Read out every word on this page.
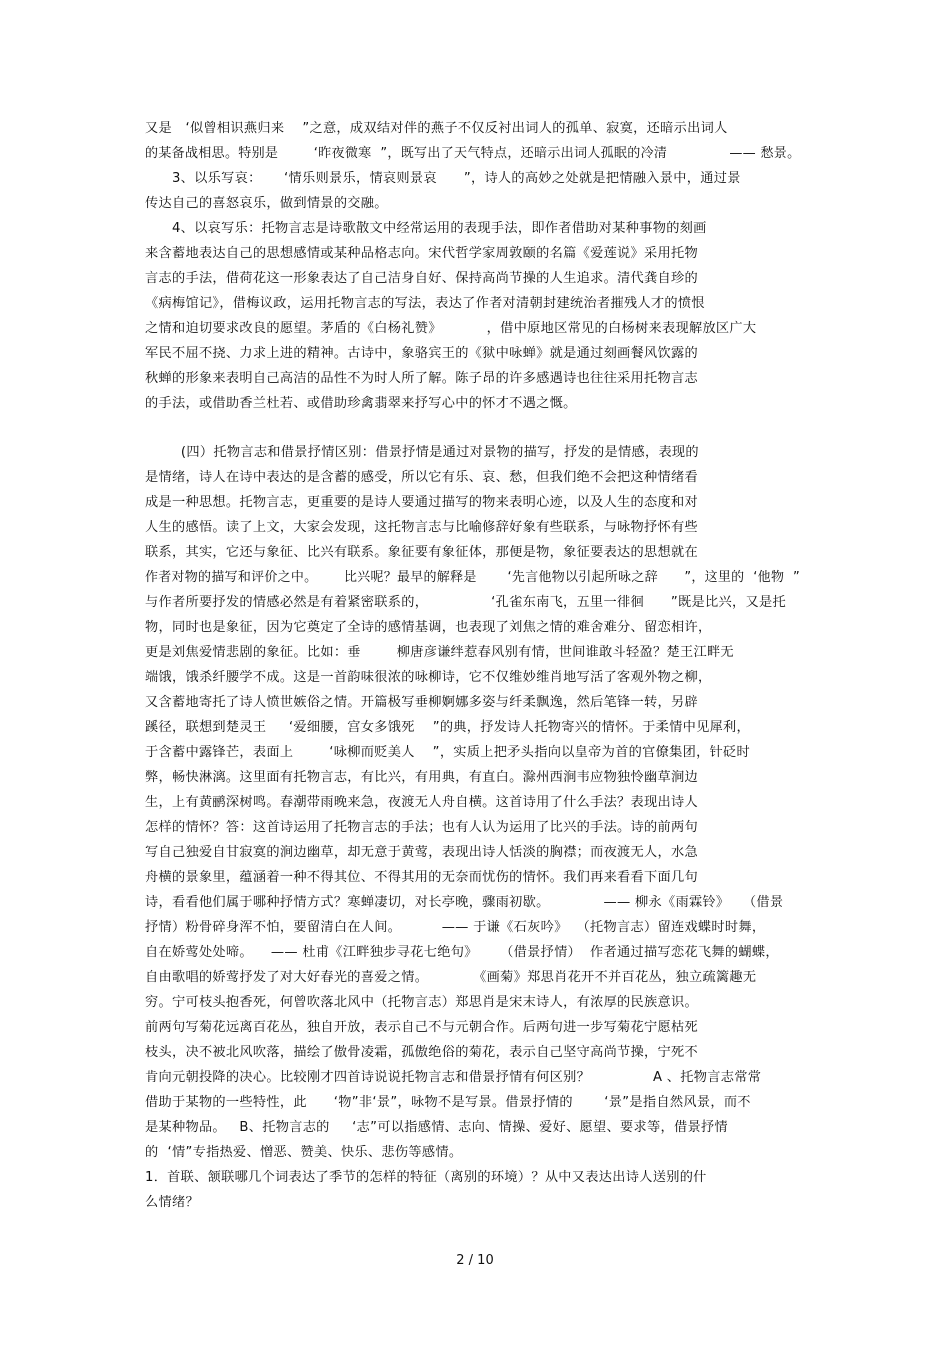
又是   ‘似曾相识燕归来    ”之意，成双结对伴的燕子不仅反衬出词人的孤单、寂寞，还暗示出词人
的某备战相思。特别是        ‘昨夜微寒  ”，既写出了天气特点，还暗示出词人孤眠的冷清              —— 愁景。
3、以乐写哀：     ‘情乐则景乐，情哀则景哀      ”，诗人的高妙之处就是把情融入景中，通过景
传达自己的喜怒哀乐，做到情景的交融。
4、以哀写乐：托物言志是诗歌散文中经常运用的表现手法，即作者借助对某种事物的刻画
来含蓄地表达自己的思想感情或某种品格志向。宋代哲学家周敦颐的名篇《爱莲说》采用托物
言志的手法，借荷花这一形象表达了自己洁身自好、保持高尚节操的人生追求。清代龚自珍的
《病梅馆记》，借梅议政，运用托物言志的写法，表达了作者对清朝封建统治者摧残人才的愤恨
之情和迫切要求改良的愿望。茅盾的《白杨礼赞》          ，借中原地区常见的白杨树来表现解放区广大
军民不屈不挠、力求上进的精神。古诗中，象骆宾王的《狱中咏蝉》就是通过刻画餐风饮露的
秋蝉的形象来表明自己高洁的品性不为时人所了解。陈子昂的许多感遇诗也往往采用托物言志
的手法，或借助香兰杜若、或借助珍禽翡翠来抒写心中的怀才不遇之慨。
(四）托物言志和借景抒情区别：借景抒情是通过对景物的描写，抒发的是情感，表现的
是情绪，诗人在诗中表达的是含蓄的感受，所以它有乐、哀、愁，但我们绝不会把这种情绪看
成是一种思想。托物言志，更重要的是诗人要通过描写的物来表明心迹，以及人生的态度和对
人生的感悟。读了上文，大家会发现，这托物言志与比喻修辞好象有些联系，与咏物抒怀有些
联系，其实，它还与象征、比兴有联系。象征要有象征体，那便是物，象征要表达的思想就在
作者对物的描写和评价之中。      比兴呢？最早的解释是       ‘先言他物以引起所咏之辞      ”，这里的  ‘他物  ”
与作者所要抒发的情感必然是有着紧密联系的，              ‘孔雀东南飞，五里一徘徊      ”既是比兴，又是托
物，同时也是象征，因为它奠定了全诗的感情基调，也表现了刘焦之情的难舍难分、留恋相许，
更是刘焦爱情悲剧的象征。比如：垂        柳唐彦谦绊惹春风别有情，世间谁敢斗轻盈？楚王江畔无
端饿，饿杀纤腰学不成。这是一首韵味很浓的咏柳诗，它不仅维妙维肖地写活了客观外物之柳，
又含蓄地寄托了诗人愤世嫉俗之情。开篇极写垂柳婀娜多姿与纤柔飘逸，然后笔锋一转，另辟
蹊径，联想到楚灵王     ‘爱细腰，宫女多饿死    ”的典，抒发诗人托物寄兴的情怀。于柔情中见犀利，
于含蓄中露锋芒，表面上        ‘咏柳而贬美人    ”，实质上把矛头指向以皇帝为首的官僚集团，针砭时
弊，畅快淋漓。这里面有托物言志，有比兴，有用典，有直白。滁州西涧韦应物独怜幽草涧边
生，上有黄鹂深树鸣。春潮带雨晚来急，夜渡无人舟自横。这首诗用了什么手法？表现出诗人
怎样的情怀？答：这首诗运用了托物言志的手法；也有人认为运用了比兴的手法。诗的前两句
写自己独爱自甘寂寞的涧边幽草，却无意于黄莺，表现出诗人恬淡的胸襟；而夜渡无人，水急
舟横的景象里，蕴涵着一种不得其位、不得其用的无奈而忧伤的情怀。我们再来看看下面几句
诗，看看他们属于哪种抒情方式？寒蝉凄切，对长亭晚，骤雨初歇。            —— 柳永《雨霖铃》   （借景
抒情）粉骨碎身浑不怕，要留清白在人间。         —— 于谦《石灰吟》  （托物言志）留连戏蝶时时舞，
自在娇莺处处啼。    —— 杜甫《江畔独步寻花七绝句》     （借景抒情）  作者通过描写恋花飞舞的蝴蝶，
自由歌唱的娇莺抒发了对大好春光的喜爱之情。          《画菊》郑思肖花开不并百花丛，独立疏篱趣无
穷。宁可枝头抱香死，何曾吹落北风中（托物言志）郑思肖是宋末诗人，有浓厚的民族意识。
前两句写菊花远离百花丛，独自开放，表示自己不与元朝合作。后两句进一步写菊花宁愿枯死
枝头，决不被北风吹落，描绘了傲骨凌霜，孤傲绝俗的菊花，表示自己坚守高尚节操，宁死不
肯向元朝投降的决心。比较刚才四首诗说说托物言志和借景抒情有何区别？              A 、托物言志常常
借助于某物的一些特性，此      ‘物”非‘景”，咏物不是写景。借景抒情的       ‘景”是指自然风景，而不
是某种物品。   B、托物言志的     ‘志”可以指感情、志向、情操、爱好、愿望、要求等，借景抒情
的  ‘情”专指热爱、憎恶、赞美、快乐、悲伤等感情。
1．首联、颔联哪几个词表达了季节的怎样的特征（离别的环境）？从中又表达出诗人送别的什
么情绪？
2 / 10
